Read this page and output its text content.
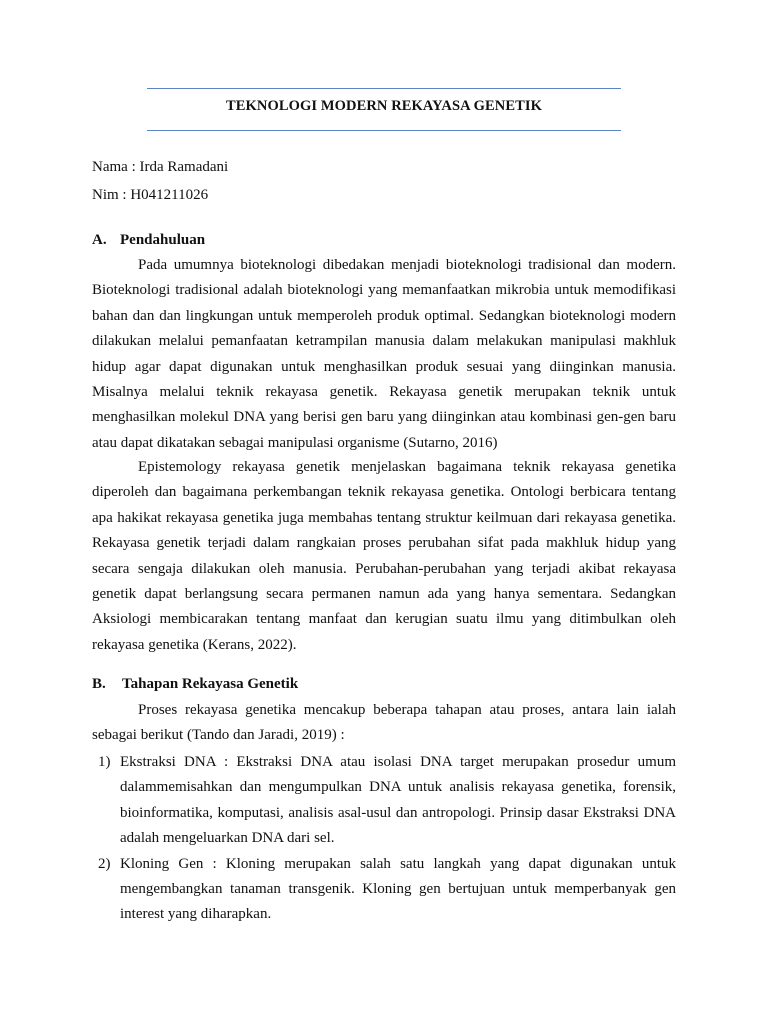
TEKNOLOGI MODERN REKAYASA GENETIK
Nama : Irda Ramadani
Nim : H041211026
A. Pendahuluan

Pada umumnya bioteknologi dibedakan menjadi bioteknologi tradisional dan modern. Bioteknologi tradisional adalah bioteknologi yang memanfaatkan mikrobia untuk memodifikasi bahan dan dan lingkungan untuk memperoleh produk optimal. Sedangkan bioteknologi modern dilakukan melalui pemanfaatan ketrampilan manusia dalam melakukan manipulasi makhluk hidup agar dapat digunakan untuk menghasilkan produk sesuai yang diinginkan manusia. Misalnya melalui teknik rekayasa genetik. Rekayasa genetik merupakan teknik untuk menghasilkan molekul DNA yang berisi gen baru yang diinginkan atau kombinasi gen-gen baru atau dapat dikatakan sebagai manipulasi organisme (Sutarno, 2016)

Epistemology rekayasa genetik menjelaskan bagaimana teknik rekayasa genetika diperoleh dan bagaimana perkembangan teknik rekayasa genetika. Ontologi berbicara tentang apa hakikat rekayasa genetika juga membahas tentang struktur keilmuan dari rekayasa genetika. Rekayasa genetik terjadi dalam rangkaian proses perubahan sifat pada makhluk hidup yang secara sengaja dilakukan oleh manusia. Perubahan-perubahan yang terjadi akibat rekayasa genetik dapat berlangsung secara permanen namun ada yang hanya sementara. Sedangkan Aksiologi membicarakan tentang manfaat dan kerugian suatu ilmu yang ditimbulkan oleh rekayasa genetika (Kerans, 2022).

B. Tahapan Rekayasa Genetik

Proses rekayasa genetika mencakup beberapa tahapan atau proses, antara lain ialah sebagai berikut (Tando dan Jaradi, 2019) :

1) Ekstraksi DNA : Ekstraksi DNA atau isolasi DNA target merupakan prosedur umum dalammemisahkan dan mengumpulkan DNA untuk analisis rekayasa genetika, forensik, bioinformatika, komputasi, analisis asal-usul dan antropologi. Prinsip dasar Ekstraksi DNA adalah mengeluarkan DNA dari sel.
2) Kloning Gen : Kloning merupakan salah satu langkah yang dapat digunakan untuk mengembangkan tanaman transgenik. Kloning gen bertujuan untuk memperbanyak gen interest yang diharapkan.
